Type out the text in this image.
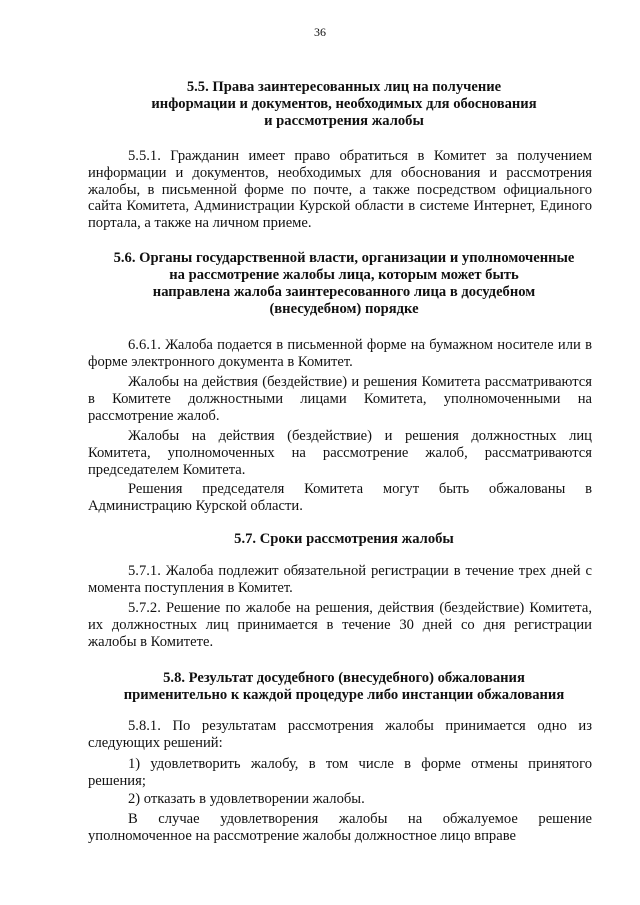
36
5.5. Права заинтересованных лиц на получение
информации и документов, необходимых для обоснования
и рассмотрения жалобы
5.5.1. Гражданин имеет право обратиться в Комитет за получением информации и документов, необходимых для обоснования и рассмотрения жалобы, в письменной форме по почте, а также посредством официального сайта Комитета, Администрации Курской области в системе Интернет, Единого портала, а также на личном приеме.
5.6. Органы государственной власти, организации и уполномоченные
на рассмотрение жалобы лица, которым может быть
направлена жалоба заинтересованного лица в досудебном
(внесудебном) порядке
6.6.1. Жалоба подается в письменной форме на бумажном носителе или в форме электронного документа в Комитет.
Жалобы на действия (бездействие) и решения Комитета рассматриваются в Комитете должностными лицами Комитета, уполномоченными на рассмотрение жалоб.
Жалобы на действия (бездействие) и решения должностных лиц Комитета, уполномоченных на рассмотрение жалоб, рассматриваются председателем Комитета.
Решения председателя Комитета могут быть обжалованы в Администрацию Курской области.
5.7. Сроки рассмотрения жалобы
5.7.1. Жалоба подлежит обязательной регистрации в течение трех дней с момента поступления в Комитет.
5.7.2. Решение по жалобе на решения, действия (бездействие) Комитета, их должностных лиц принимается в течение 30 дней со дня регистрации жалобы в Комитете.
5.8. Результат досудебного (внесудебного) обжалования
применительно к каждой процедуре либо инстанции обжалования
5.8.1. По результатам рассмотрения жалобы принимается одно из следующих решений:
1) удовлетворить жалобу, в том числе в форме отмены принятого решения;
2) отказать в удовлетворении жалобы.
В случае удовлетворения жалобы на обжалуемое решение уполномоченное на рассмотрение жалобы должностное лицо вправе
